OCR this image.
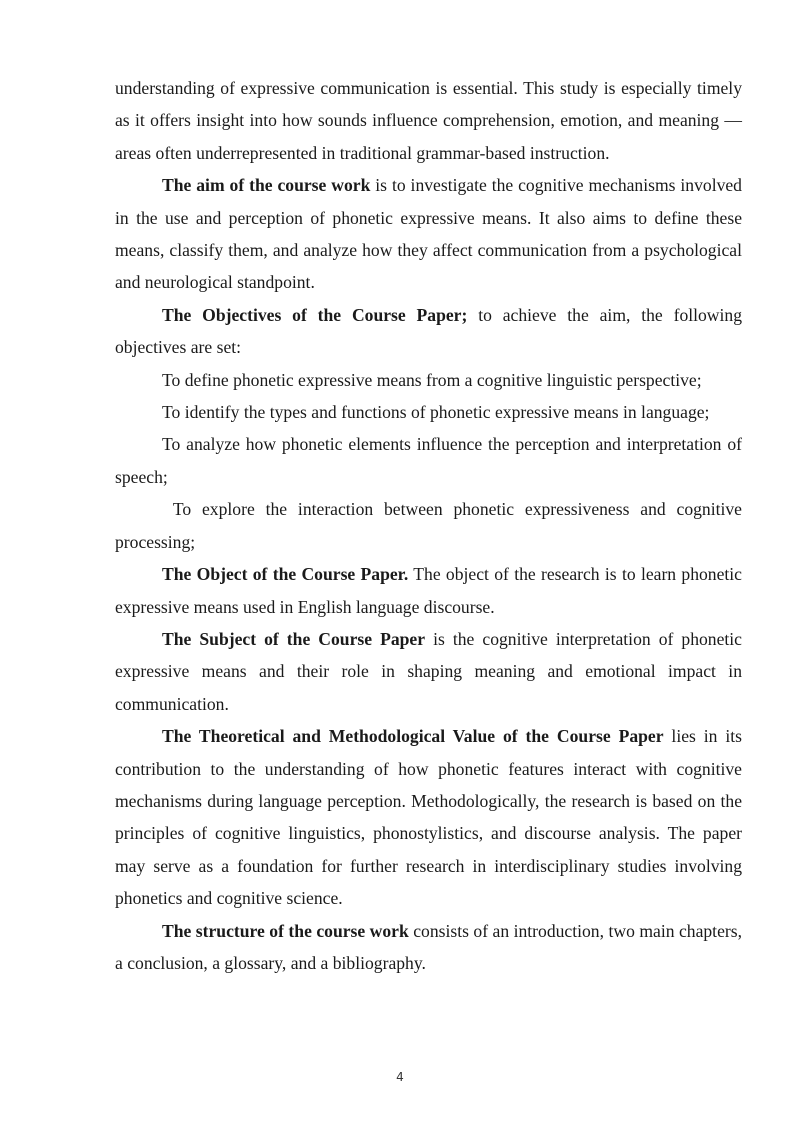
understanding of expressive communication is essential. This study is especially timely as it offers insight into how sounds influence comprehension, emotion, and meaning — areas often underrepresented in traditional grammar-based instruction.

The aim of the course work is to investigate the cognitive mechanisms involved in the use and perception of phonetic expressive means. It also aims to define these means, classify them, and analyze how they affect communication from a psychological and neurological standpoint.

The Objectives of the Course Paper; to achieve the aim, the following objectives are set:

To define phonetic expressive means from a cognitive linguistic perspective;

To identify the types and functions of phonetic expressive means in language;

To analyze how phonetic elements influence the perception and interpretation of speech;

To explore the interaction between phonetic expressiveness and cognitive processing;

The Object of the Course Paper. The object of the research is to learn phonetic expressive means used in English language discourse.

The Subject of the Course Paper is the cognitive interpretation of phonetic expressive means and their role in shaping meaning and emotional impact in communication.

The Theoretical and Methodological Value of the Course Paper lies in its contribution to the understanding of how phonetic features interact with cognitive mechanisms during language perception. Methodologically, the research is based on the principles of cognitive linguistics, phonostylistics, and discourse analysis. The paper may serve as a foundation for further research in interdisciplinary studies involving phonetics and cognitive science.

The structure of the course work consists of an introduction, two main chapters, a conclusion, a glossary, and a bibliography.

4
